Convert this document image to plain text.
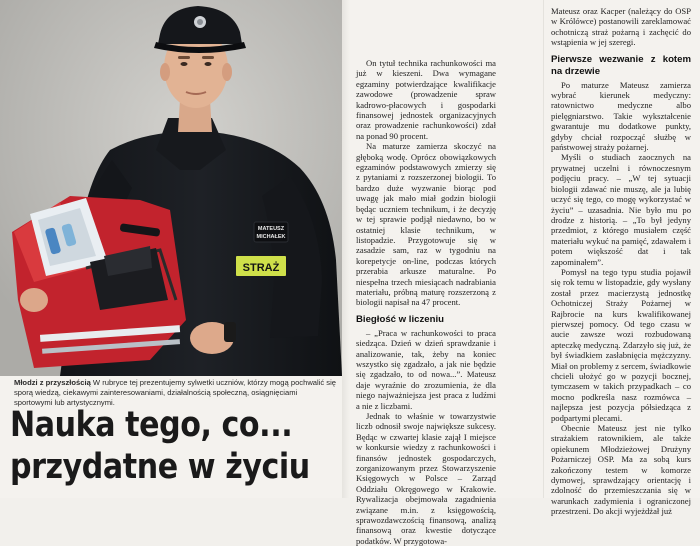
MATEUSZ
MICHAŁEK
STRAŻ
Młodzi z przyszłością W rubryce tej prezentujemy sylwetki uczniów, którzy mogą pochwalić się sporą wiedzą, ciekawymi zainteresowaniami, działalnością społeczną, osiągnięciami sportowymi lub artystycznymi.
Nauka tego, co...
przydatne w życiu

On tytuł technika rachunkowości ma już w kieszeni. Dwa wymagane egzaminy potwierdzające kwalifikacje zawodowe (prowadzenie spraw kadrowo-płacowych i gospodarki finansowej jednostek organizacyjnych oraz prowadzenie rachunkowości) zdał na ponad 90 procent.

Na maturze zamierza skoczyć na głęboką wodę. Oprócz obowiązkowych egzaminów podstawowych zmierzy się z pytaniami z rozszerzonej biologii. To bardzo duże wyzwanie biorąc pod uwagę jak mało miał godzin biologii będąc uczniem technikum, i że decyzję w tej sprawie podjął niedawno, bo w ostatniej klasie technikum, w listopadzie. Przygotowuje się w zasadzie sam, raz w tygodniu na korepetycje on-line, podczas których przerabia arkusze maturalne. Po niespełna trzech miesiącach nadrabiania materiału, próbną maturę rozszerzoną z biologii napisał na 47 procent.

Biegłość w liczeniu

– „Praca w rachunkowości to praca siedząca. Dzień w dzień sprawdzanie i analizowanie, tak, żeby na koniec wszystko się zgadzało, a jak nie będzie się zgadzało, to od nowa...”. Mateusz daje wyraźnie do zrozumienia, że dla niego najważniejsza jest praca z ludźmi a nie z liczbami.

Jednak to właśnie w towarzystwie liczb odnosił swoje największe sukcesy. Będąc w czwartej klasie zajął I miejsce w konkursie wiedzy z rachunkowości i finansów jednostek gospodarczych, zorganizowanym przez Stowarzyszenie Księgowych w Polsce – Zarząd Oddziału Okręgowego w Krakowie. Rywalizacja obejmowała zagadnienia związane m.in. z księgowością, sprawozdawczością finansową, analizą finansową oraz kwestie dotyczące podatków. W przygotowa-

Mateusz oraz Kacper (należący do OSP w Królówce) postanowili zareklamować ochotniczą straż pożarną i zachęcić do wstąpienia w jej szeregi.

Pierwsze wezwanie z kotem na drzewie

Po maturze Mateusz zamierza wybrać kierunek medyczny: ratownictwo medyczne albo pielęgniarstwo. Takie wykształcenie gwarantuje mu dodatkowe punkty, gdyby chciał rozpocząć służbę w państwowej straży pożarnej.

Myśli o studiach zaocznych na prywatnej uczelni i równoczesnym podjęciu pracy. – „W tej sytuacji biologii zdawać nie muszę, ale ja lubię uczyć się tego, co mogę wykorzystać w życiu” – uzasadnia. Nie było mu po drodze z historią. – „To był jedyny przedmiot, z którego musiałem część materiału wykuć na pamięć, zdawałem i potem większość dat i tak zapominałem”.

Pomysł na tego typu studia pojawił się rok temu w listopadzie, gdy wysłany został przez macierzystą jednostkę Ochotniczej Straży Pożarnej w Rajbrocie na kurs kwalifikowanej pierwszej pomocy. Od tego czasu w aucie zawsze wozi rozbudowaną apteczkę medyczną. Zdarzyło się już, że był świadkiem zasłabnięcia mężczyzny. Miał on problemy z sercem, świadkowie chcieli ułożyć go w pozycji bocznej, tymczasem w takich przypadkach – co mocno podkreśla nasz rozmówca – najlepsza jest pozycja półsiedząca z podpartymi plecami.

Obecnie Mateusz jest nie tylko strażakiem ratownikiem, ale także opiekunem Młodzieżowej Drużyny Pożarniczej OSP. Ma za sobą kurs zakończony testem w komorze dymowej, sprawdzający orientację i zdolność do przemieszczania się w warunkach zadymienia i ograniczonej przestrzeni. Do akcji wyjeżdżał już
